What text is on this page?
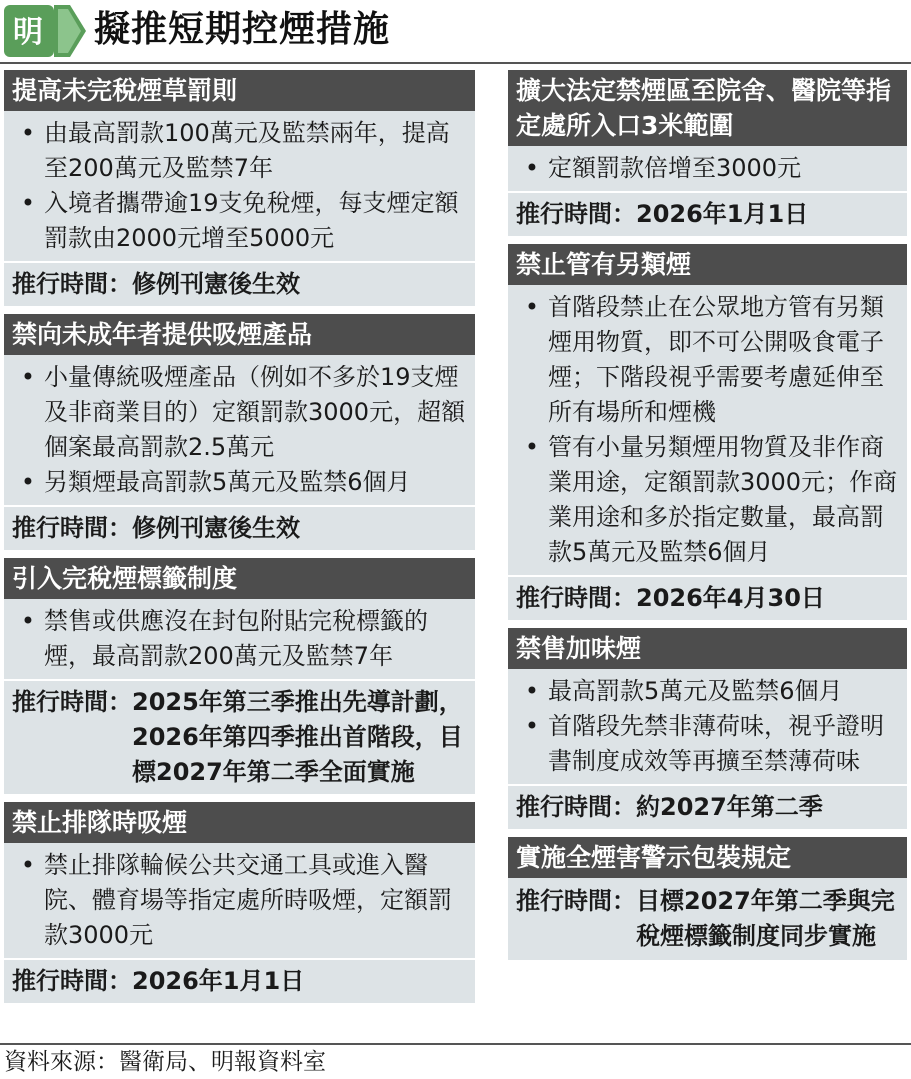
明 擬推短期控煙措施
提高未完稅煙草罰則
• 由最高罰款100萬元及監禁兩年，提高至200萬元及監禁7年
• 入境者攜帶逾19支免稅煙，每支煙定額罰款由2000元增至5000元
推行時間： 修例刊憲後生效
禁向未成年者提供吸煙產品
• 小量傳統吸煙產品（例如不多於19支煙及非商業目的）定額罰款3000元，超額個案最高罰款2.5萬元
• 另類煙最高罰款5萬元及監禁6個月
推行時間： 修例刊憲後生效
引入完稅煙標籤制度
• 禁售或供應沒在封包附貼完稅標籤的煙，最高罰款200萬元及監禁7年
推行時間： 2025年第三季推出先導計劃，2026年第四季推出首階段，目標2027年第二季全面實施
禁止排隊時吸煙
• 禁止排隊輪候公共交通工具或進入醫院、體育場等指定處所時吸煙，定額罰款3000元
推行時間： 2026年1月1日
擴大法定禁煙區至院舍、醫院等指定處所入口3米範圍
• 定額罰款倍增至3000元
推行時間： 2026年1月1日
禁止管有另類煙
• 首階段禁止在公眾地方管有另類煙用物質，即不可公開吸食電子煙；下階段視乎需要考慮延伸至所有場所和煙機
• 管有小量另類煙用物質及非作商業用途，定額罰款3000元；作商業用途和多於指定數量，最高罰款5萬元及監禁6個月
推行時間： 2026年4月30日
禁售加味煙
• 最高罰款5萬元及監禁6個月
• 首階段先禁非薄荷味，視乎證明書制度成效等再擴至禁薄荷味
推行時間： 約2027年第二季
實施全煙害警示包裝規定
推行時間： 目標2027年第二季與完稅煙標籤制度同步實施
資料來源：醫衛局、明報資料室
